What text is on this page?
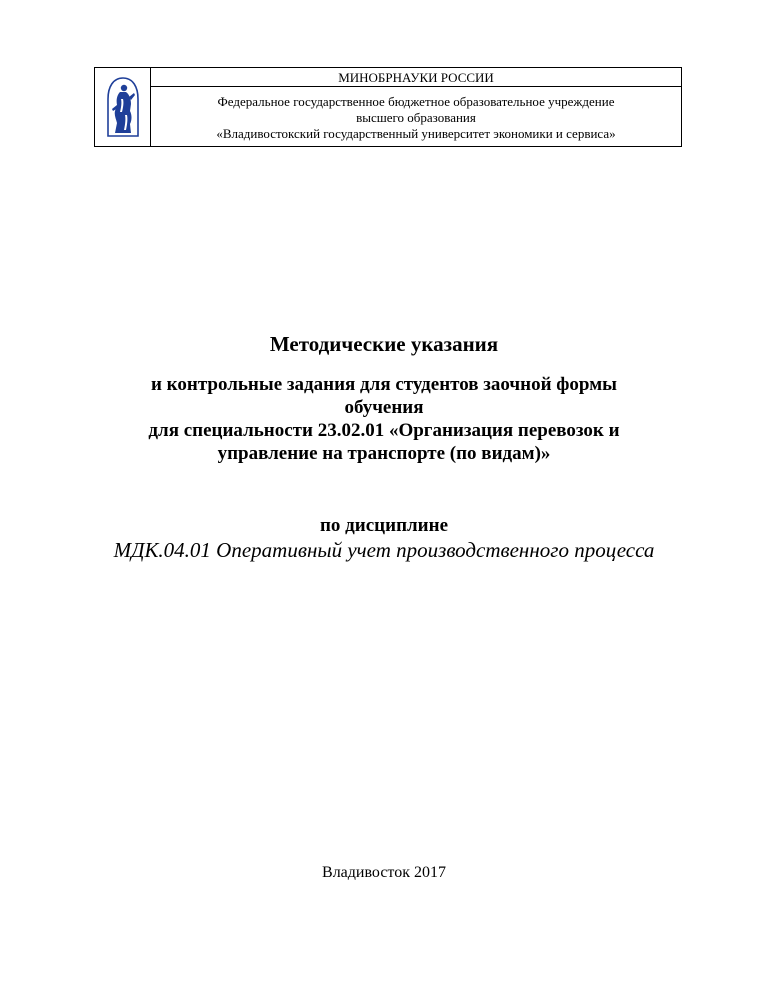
МИНОБРНАУКИ РОССИИ
Федеральное государственное бюджетное образовательное учреждение
высшего образования
«Владивостокский государственный университет экономики и сервиса»
Методические указания
и контрольные задания для студентов заочной формы
обучения
для специальности 23.02.01 «Организация перевозок и
управление на транспорте (по видам)»
по дисциплине
МДК.04.01 Оперативный учет производственного процесса
Владивосток 2017
